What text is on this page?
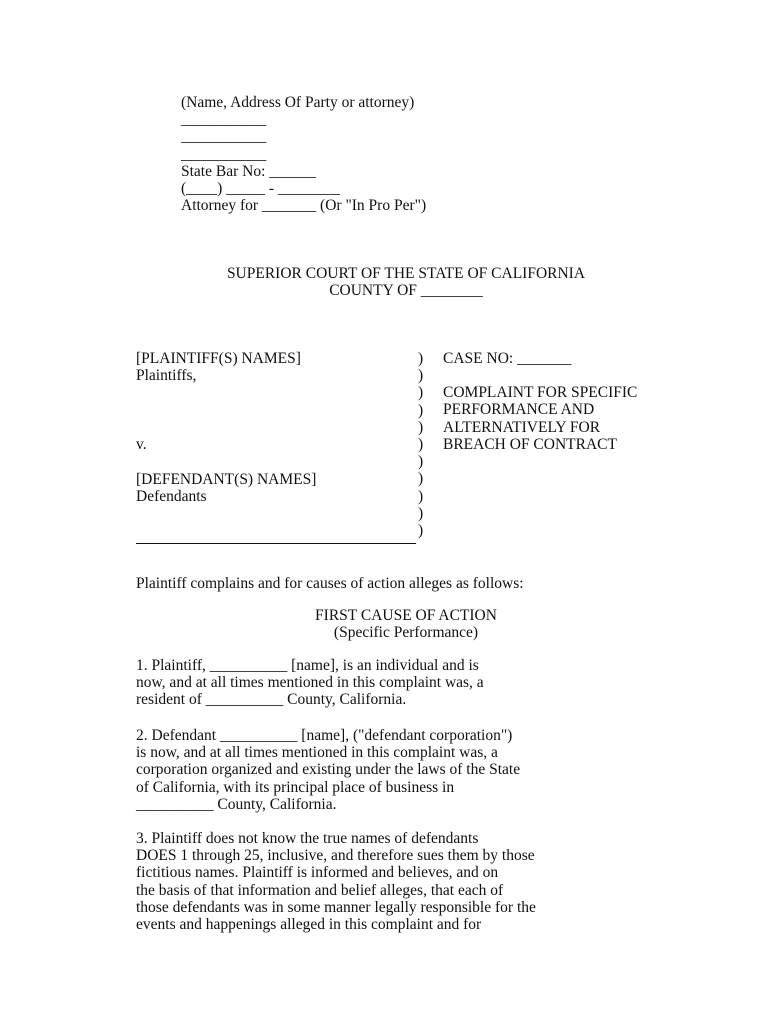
(Name, Address Of Party or attorney)
___________
___________
___________
State Bar No: ______
(____) _____ - ________
Attorney for _______ (Or "In Pro Per")
SUPERIOR COURT OF THE STATE OF CALIFORNIA
COUNTY OF ________
[PLAINTIFF(S) NAMES]
Plaintiffs,
v.
[DEFENDANT(S) NAMES]
Defendants
)
)
)
)
)
)
)
)
)
)
)
CASE NO: _______
COMPLAINT FOR SPECIFIC
PERFORMANCE AND
ALTERNATIVELY FOR
BREACH OF CONTRACT
Plaintiff complains and for causes of action alleges as follows:
FIRST CAUSE OF ACTION
(Specific Performance)
1. Plaintiff, __________ [name], is an individual and is
now, and at all times mentioned in this complaint was, a
resident of __________ County, California.
2. Defendant __________ [name], ("defendant corporation")
is now, and at all times mentioned in this complaint was, a
corporation organized and existing under the laws of the State
of California, with its principal place of business in
__________ County, California.
3. Plaintiff does not know the true names of defendants
DOES 1 through 25, inclusive, and therefore sues them by those
fictitious names. Plaintiff is informed and believes, and on
the basis of that information and belief alleges, that each of
those defendants was in some manner legally responsible for the
events and happenings alleged in this complaint and for
